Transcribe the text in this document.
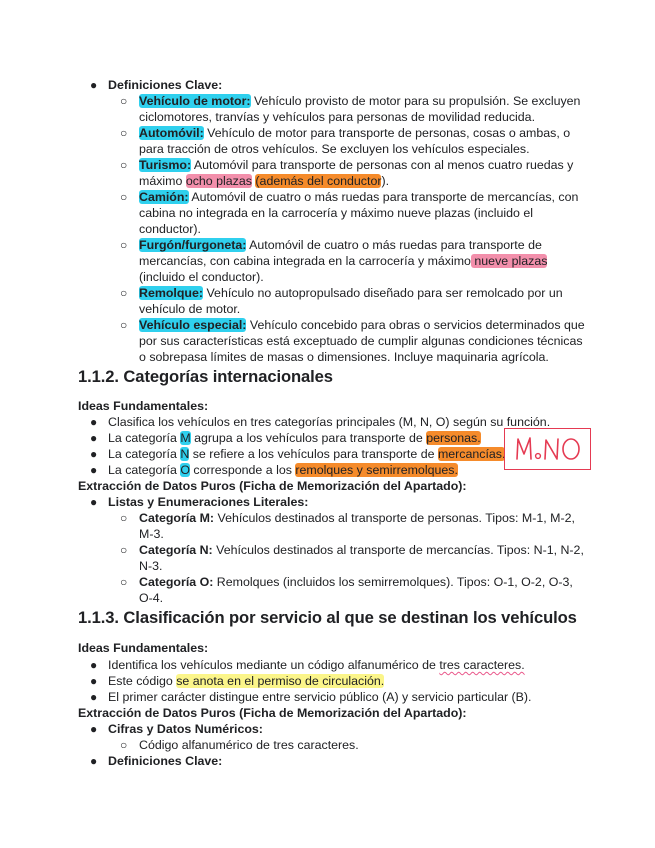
● Definiciones Clave:
○ Vehículo de motor: Vehículo provisto de motor para su propulsión. Se excluyen
ciclomotores, tranvías y vehículos para personas de movilidad reducida.
○ Automóvil: Vehículo de motor para transporte de personas, cosas o ambas, o
para tracción de otros vehículos. Se excluyen los vehículos especiales.
○ Turismo: Automóvil para transporte de personas con al menos cuatro ruedas y
máximo ocho plazas (además del conductor).
○ Camión: Automóvil de cuatro o más ruedas para transporte de mercancías, con
cabina no integrada en la carrocería y máximo nueve plazas (incluido el
conductor).
○ Furgón/furgoneta: Automóvil de cuatro o más ruedas para transporte de
mercancías, con cabina integrada en la carrocería y máximo nueve plazas
(incluido el conductor).
○ Remolque: Vehículo no autopropulsado diseñado para ser remolcado por un
vehículo de motor.
○ Vehículo especial: Vehículo concebido para obras o servicios determinados que
por sus características está exceptuado de cumplir algunas condiciones técnicas
o sobrepasa límites de masas o dimensiones. Incluye maquinaria agrícola.
1.1.2. Categorías internacionales
Ideas Fundamentales:
● Clasifica los vehículos en tres categorías principales (M, N, O) según su función.
● La categoría M agrupa a los vehículos para transporte de personas.
● La categoría N se refiere a los vehículos para transporte de mercancías.
● La categoría O corresponde a los remolques y semirremolques.
Extracción de Datos Puros (Ficha de Memorización del Apartado):
● Listas y Enumeraciones Literales:
○ Categoría M: Vehículos destinados al transporte de personas. Tipos: M-1, M-2,
M-3.
○ Categoría N: Vehículos destinados al transporte de mercancías. Tipos: N-1, N-2,
N-3.
○ Categoría O: Remolques (incluidos los semirremolques). Tipos: O-1, O-2, O-3,
O-4.
1.1.3. Clasificación por servicio al que se destinan los vehículos
Ideas Fundamentales:
● Identifica los vehículos mediante un código alfanumérico de tres caracteres.
● Este código se anota en el permiso de circulación.
● El primer carácter distingue entre servicio público (A) y servicio particular (B).
Extracción de Datos Puros (Ficha de Memorización del Apartado):
● Cifras y Datos Numéricos:
○ Código alfanumérico de tres caracteres.
● Definiciones Clave:
